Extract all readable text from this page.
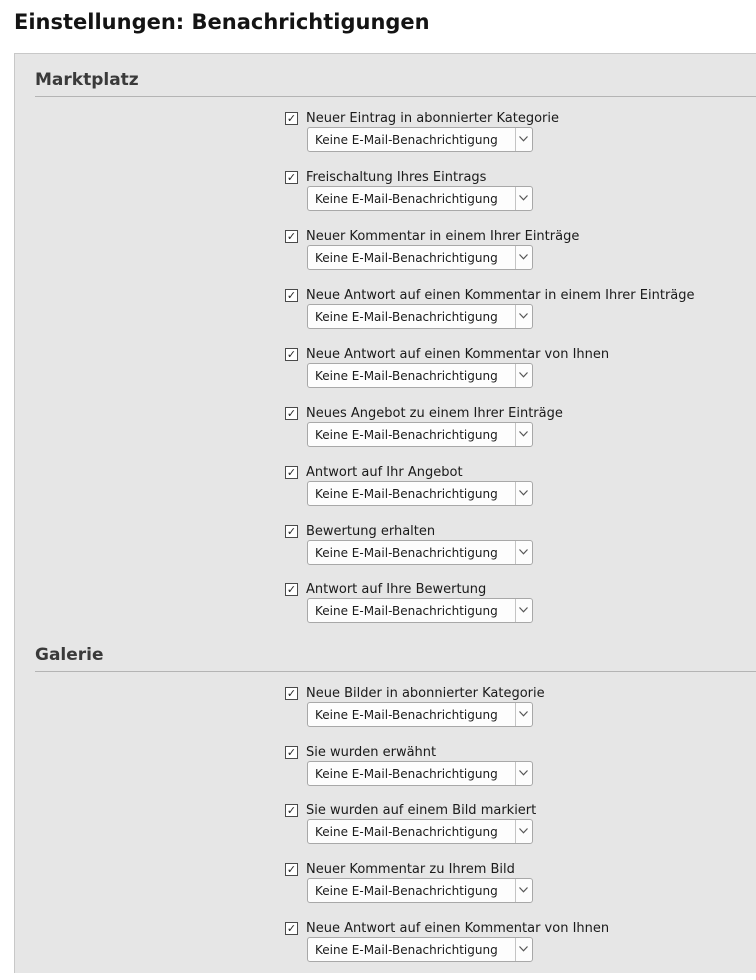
Einstellungen: Benachrichtigungen
Marktplatz
✓ Neuer Eintrag in abonnierter Kategorie
Keine E-Mail-Benachrichtigung
✓ Freischaltung Ihres Eintrags
Keine E-Mail-Benachrichtigung
✓ Neuer Kommentar in einem Ihrer Einträge
Keine E-Mail-Benachrichtigung
✓ Neue Antwort auf einen Kommentar in einem Ihrer Einträge
Keine E-Mail-Benachrichtigung
✓ Neue Antwort auf einen Kommentar von Ihnen
Keine E-Mail-Benachrichtigung
✓ Neues Angebot zu einem Ihrer Einträge
Keine E-Mail-Benachrichtigung
✓ Antwort auf Ihr Angebot
Keine E-Mail-Benachrichtigung
✓ Bewertung erhalten
Keine E-Mail-Benachrichtigung
✓ Antwort auf Ihre Bewertung
Keine E-Mail-Benachrichtigung
Galerie
✓ Neue Bilder in abonnierter Kategorie
Keine E-Mail-Benachrichtigung
✓ Sie wurden erwähnt
Keine E-Mail-Benachrichtigung
✓ Sie wurden auf einem Bild markiert
Keine E-Mail-Benachrichtigung
✓ Neuer Kommentar zu Ihrem Bild
Keine E-Mail-Benachrichtigung
✓ Neue Antwort auf einen Kommentar von Ihnen
Keine E-Mail-Benachrichtigung
